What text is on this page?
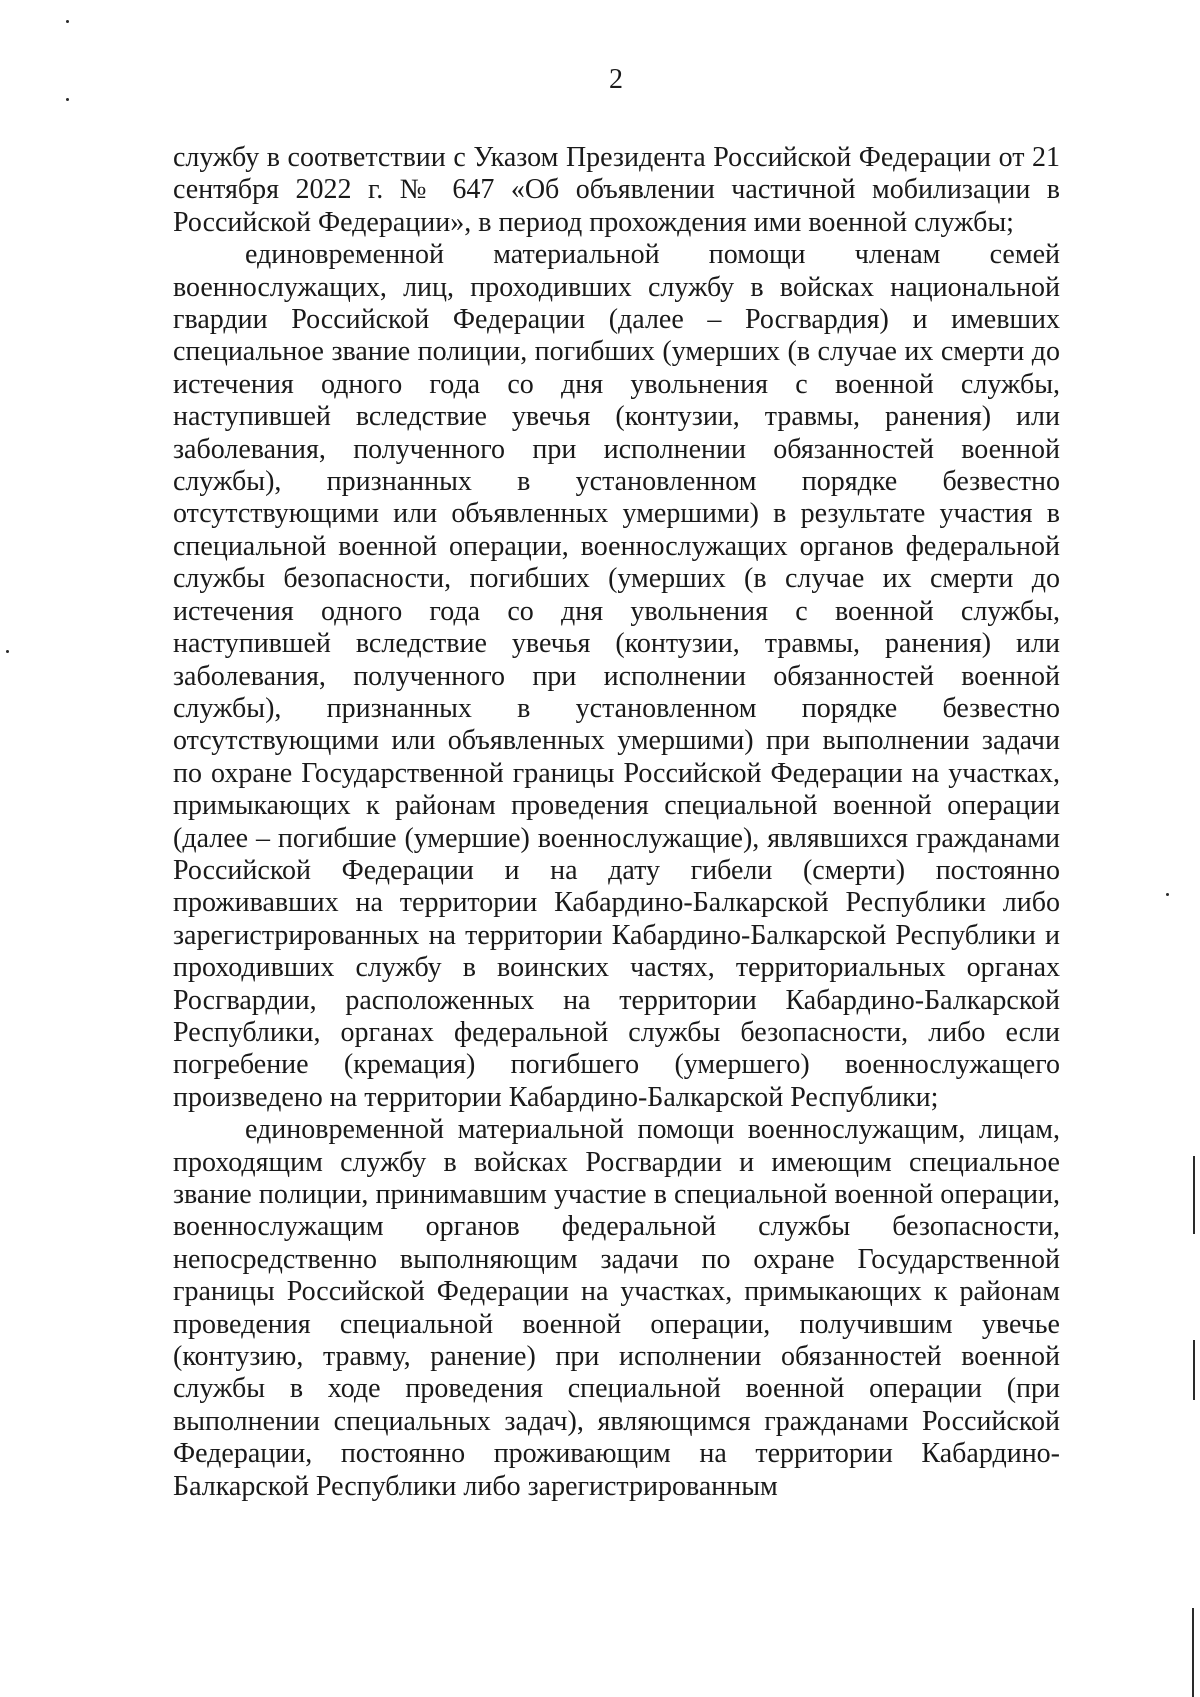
2

службу в соответствии с Указом Президента Российской Федерации от 21 сентября 2022 г. № 647 «Об объявлении частичной мобилизации в Российской Федерации», в период прохождения ими военной службы;

единовременной материальной помощи членам семей военнослужащих, лиц, проходивших службу в войсках национальной гвардии Российской Федерации (далее – Росгвардия) и имевших специальное звание полиции, погибших (умерших (в случае их смерти до истечения одного года со дня увольнения с военной службы, наступившей вследствие увечья (контузии, травмы, ранения) или заболевания, полученного при исполнении обязанностей военной службы), признанных в установленном порядке безвестно отсутствующими или объявленных умершими) в результате участия в специальной военной операции, военнослужащих органов федеральной службы безопасности, погибших (умерших (в случае их смерти до истечения одного года со дня увольнения с военной службы, наступившей вследствие увечья (контузии, травмы, ранения) или заболевания, полученного при исполнении обязанностей военной службы), признанных в установленном порядке безвестно отсутствующими или объявленных умершими) при выполнении задачи по охране Государственной границы Российской Федерации на участках, примыкающих к районам проведения специальной военной операции (далее – погибшие (умершие) военнослужащие), являвшихся гражданами Российской Федерации и на дату гибели (смерти) постоянно проживавших на территории Кабардино-Балкарской Республики либо зарегистрированных на территории Кабардино-Балкарской Республики и проходивших службу в воинских частях, территориальных органах Росгвардии, расположенных на территории Кабардино-Балкарской Республики, органах федеральной службы безопасности, либо если погребение (кремация) погибшего (умершего) военнослужащего произведено на территории Кабардино-Балкарской Республики;

единовременной материальной помощи военнослужащим, лицам, проходящим службу в войсках Росгвардии и имеющим специальное звание полиции, принимавшим участие в специальной военной операции, военнослужащим органов федеральной службы безопасности, непосредственно выполняющим задачи по охране Государственной границы Российской Федерации на участках, примыкающих к районам проведения специальной военной операции, получившим увечье (контузию, травму, ранение) при исполнении обязанностей военной службы в ходе проведения специальной военной операции (при выполнении специальных задач), являющимся гражданами Российской Федерации, постоянно проживающим на территории Кабардино-Балкарской Республики либо зарегистрированным
